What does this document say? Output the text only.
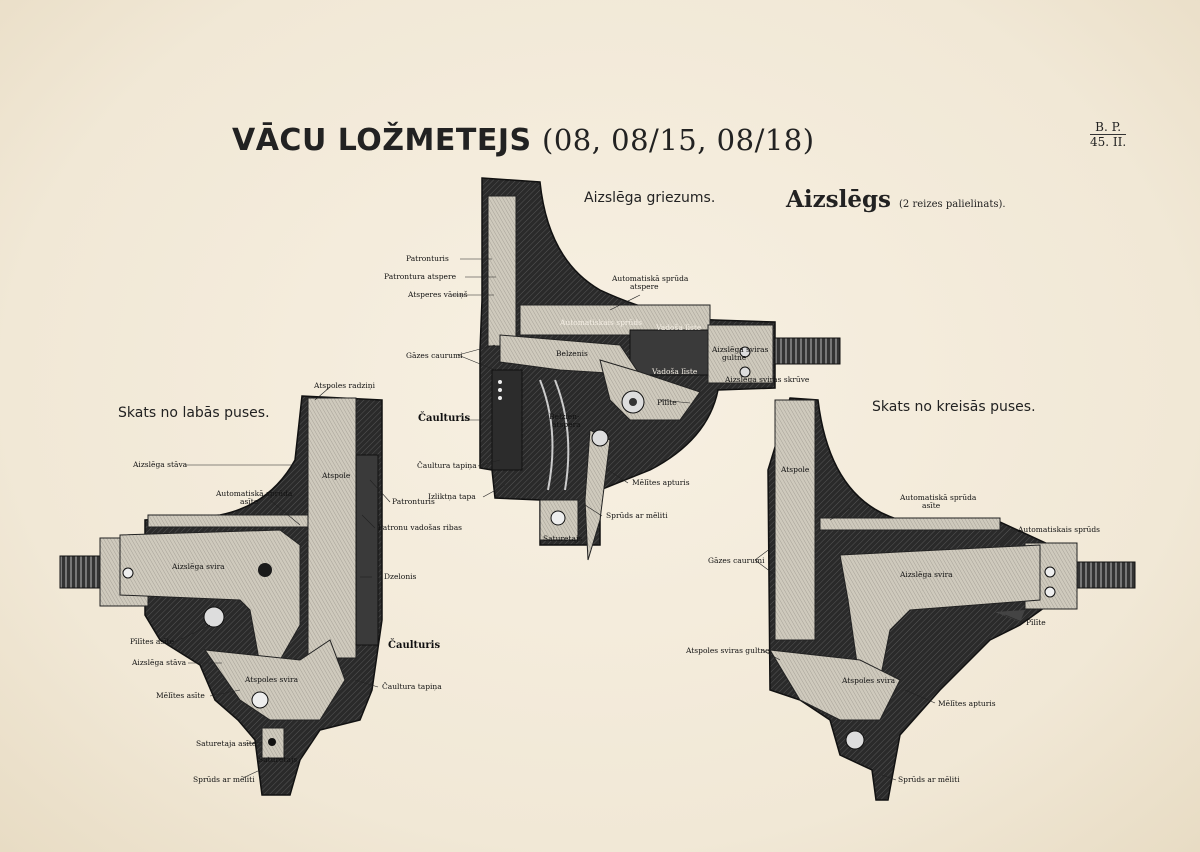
VĀCU LOŽMETEJS (08, 08/15, 08/18)	B. P.
45. II.
Aizslēga griezums.	Aizslēgs (2 reizes palielinats).
Skats no labās puses.	Skats no kreisās puses.
Patronturis
Patrontura atspere
Atsperes vāciņš
Automatiskā sprūda
atspere
Automatiskais sprūds
Vadoša līste
Gāzes caurumi	Belzenis	Aizslēga sviras
gultne
Vadoša līste
Aizslēga sviras skrūve
Pīlīte
Čaulturis	Belzien-
atspera
Čaultura tapiņa
Mēlītes apturis
Izliktņa tapa
Saturetajs
Sprūds ar mēliti
Atspoles radziņi
Aizslēga stāva
Atspole
Automatiskā sprūda
asīte	Patronturis
Patronu vadošas ribas
Aizslēga svira
Dzelonis
Pīlītes asīte	Čaulturis
Aizslēga stāva
Atspoles svira
Mēlītes asīte
Čaultura tapiņa
Saturetaja asīte
Saturetajs
Sprūds ar mēliti
Atspole
Automatiskā sprūda
asīte
Automatiskais sprūds
Gāzes caurumi
Aizslēga svira
Pīlīte
Atspoles sviras gultne
Atspoles svira
Mēlītes apturis
Sprūds ar mēliti
